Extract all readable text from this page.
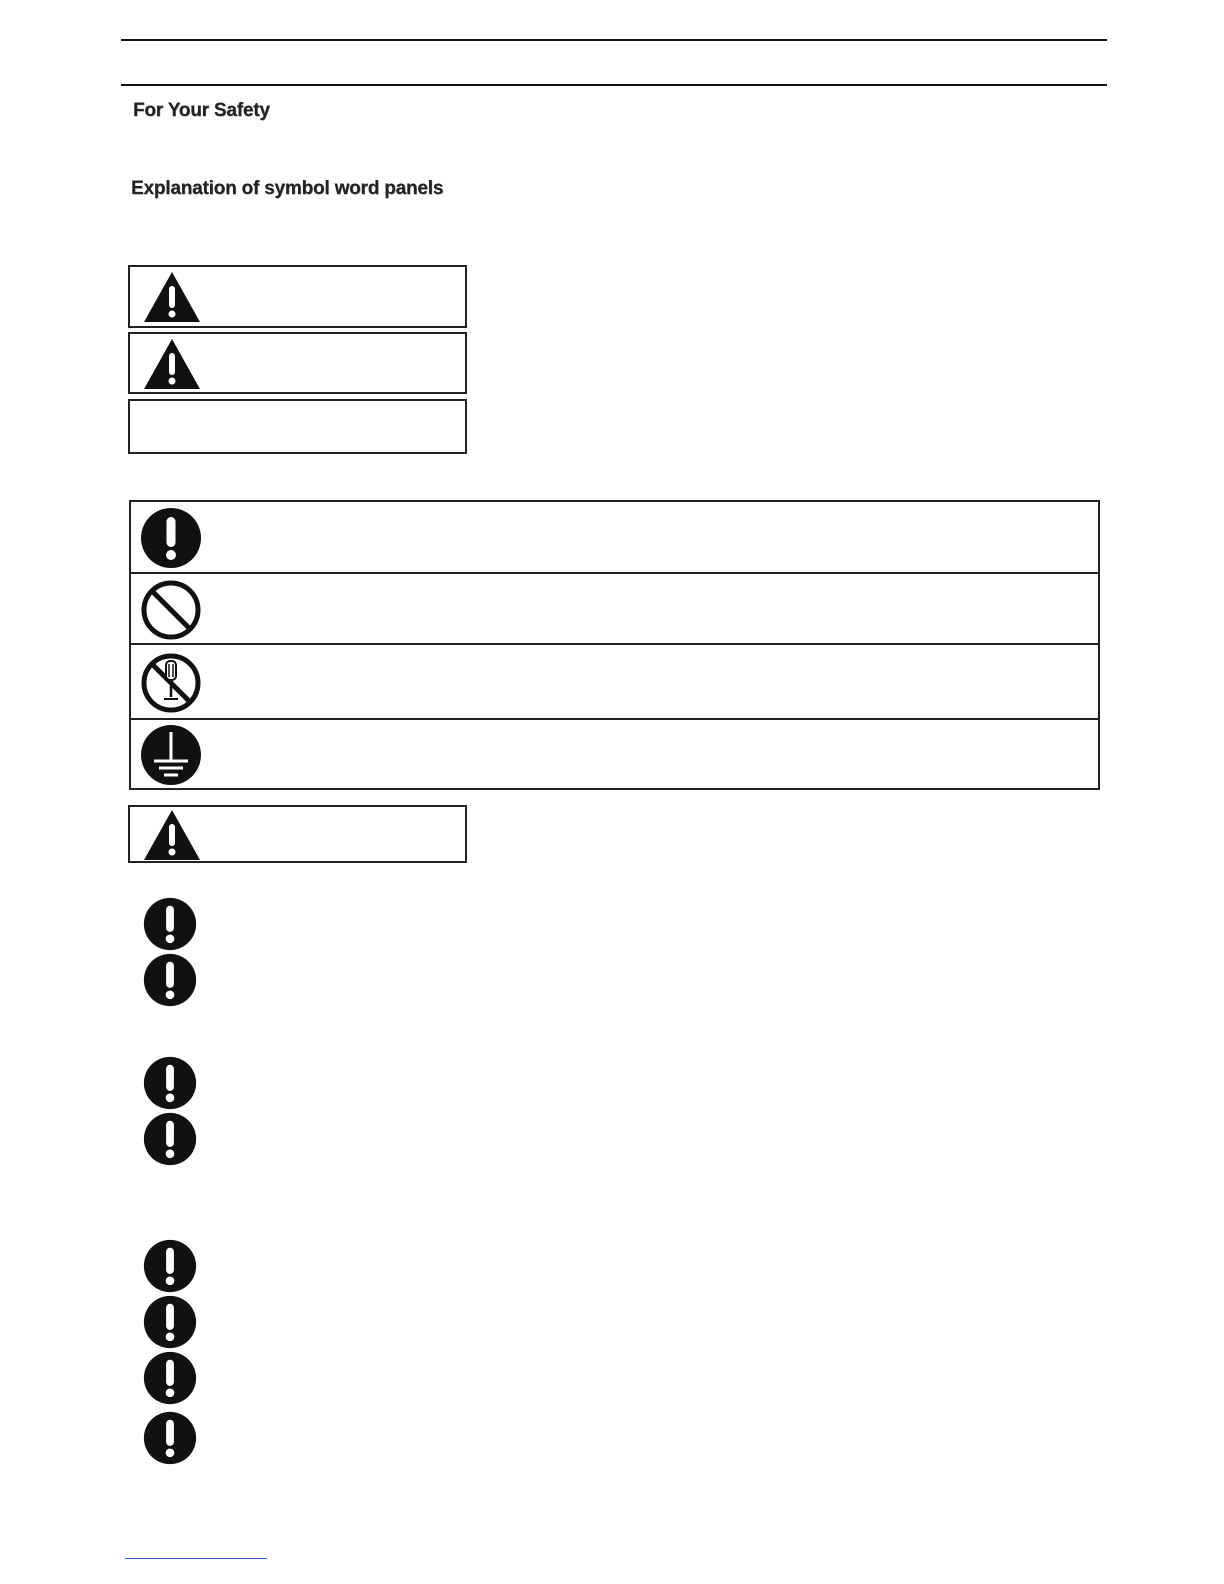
For Your Safety
Explanation of symbol word panels
